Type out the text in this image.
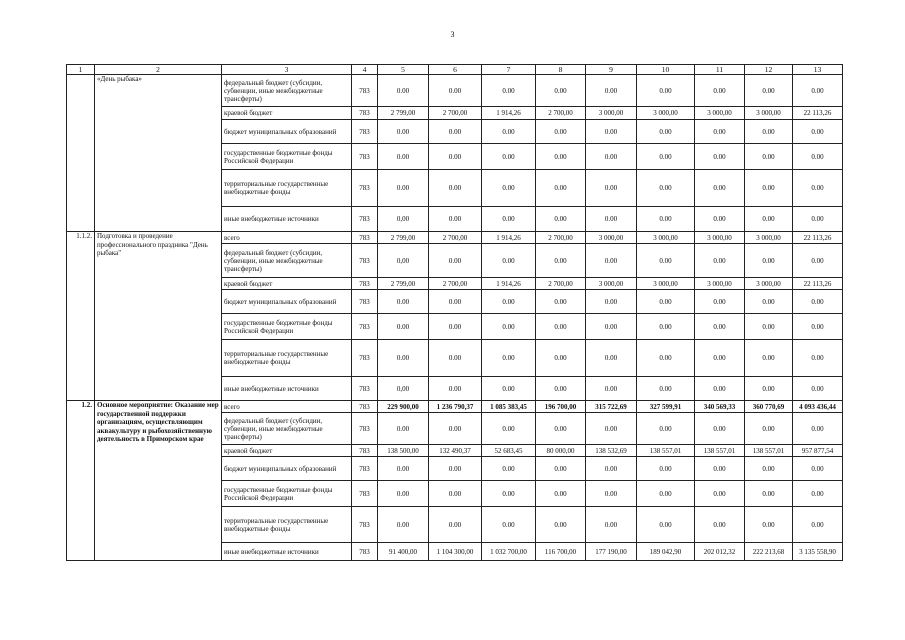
3
1	2	3	4	5	6	7	8	9	10	11	12	13
	«День рыбака»	федеральный бюджет (субсидии, субвенции, иные межбюджетные трансферты)	783	0.00	0.00	0.00	0.00	0.00	0.00	0.00	0.00	0.00
		краевой бюджет	783	2 799,00	2 700,00	1 914,26	2 700,00	3 000,00	3 000,00	3 000,00	3 000,00	22 113,26
		бюджет муниципальных образований	783	0.00	0.00	0.00	0.00	0.00	0.00	0.00	0.00	0.00
		государственные бюджетные фонды Российской Федерации	783	0.00	0.00	0.00	0.00	0.00	0.00	0.00	0.00	0.00
		территориальные государственные внебюджетные фонды	783	0.00	0.00	0.00	0.00	0.00	0.00	0.00	0.00	0.00
		иные внебюджетные источники	783	0,00	0.00	0.00	0.00	0.00	0.00	0.00	0.00	0.00
1.1.2.	Подготовка и проведение профессионального праздника "День рыбака"	всего	783	2 799,00	2 700,00	1 914,26	2 700,00	3 000,00	3 000,00	3 000,00	3 000,00	22 113,26
		федеральный бюджет (субсидии, субвенции, иные межбюджетные трансферты)	783	0,00	0.00	0.00	0.00	0.00	0.00	0.00	0.00	0.00
		краевой бюджет	783	2 799,00	2 700,00	1 914,26	2 700,00	3 000,00	3 000,00	3 000,00	3 000,00	22 113,26
		бюджет муниципальных образований	783	0.00	0.00	0.00	0.00	0.00	0.00	0.00	0.00	0.00
		государственные бюджетные фонды Российской Федерации	783	0.00	0.00	0.00	0.00	0.00	0.00	0.00	0.00	0.00
		территориальные государственные внебюджетные фонды	783	0.00	0.00	0.00	0.00	0.00	0.00	0.00	0.00	0.00
		иные внебюджетные источники	783	0,00	0.00	0.00	0.00	0.00	0.00	0.00	0.00	0.00
1.2.	Основное мероприятие: Оказание мер государственной поддержки организациям, осуществляющим аквакультуру и рыбохозяйственную деятельность в Приморском крае	всего	783	229 900,00	1 236 790,37	1 085 383,45	196 700,00	315 722,69	327 599,91	340 569,33	360 770,69	4 093 436,44
		федеральный бюджет (субсидии, субвенции, иные межбюджетные трансферты)	783	0.00	0.00	0.00	0.00	0.00	0.00	0.00	0.00	0.00
		краевой бюджет	783	138 500,00	132 490,37	52 683,45	80 000,00	138 532,69	138 557,01	138 557,01	138 557,01	957 877,54
		бюджет муниципальных образований	783	0.00	0.00	0.00	0.00	0.00	0.00	0.00	0.00	0.00
		государственные бюджетные фонды Российской Федерации	783	0.00	0.00	0.00	0.00	0.00	0.00	0.00	0.00	0.00
		территориальные государственные внебюджетные фонды	783	0.00	0.00	0.00	0.00	0.00	0.00	0.00	0.00	0.00
		иные внебюджетные источники	783	91 400,00	1 104 300,00	1 032 700,00	116 700,00	177 190,00	189 042,90	202 012,32	222 213,68	3 135 558,90
